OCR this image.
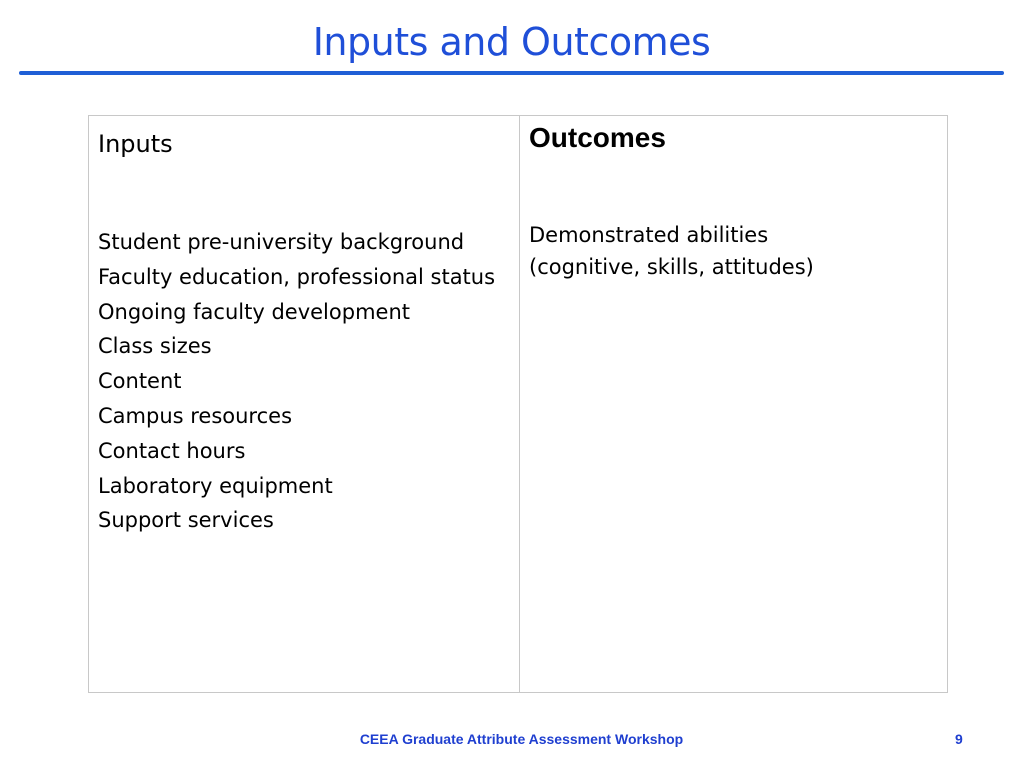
Inputs and Outcomes
Inputs
Student pre-university background
Faculty education, professional status
Ongoing faculty development
Class sizes
Content
Campus resources
Contact hours
Laboratory equipment
Support services
Outcomes
Demonstrated abilities
(cognitive, skills, attitudes)
CEEA Graduate Attribute Assessment Workshop	9
